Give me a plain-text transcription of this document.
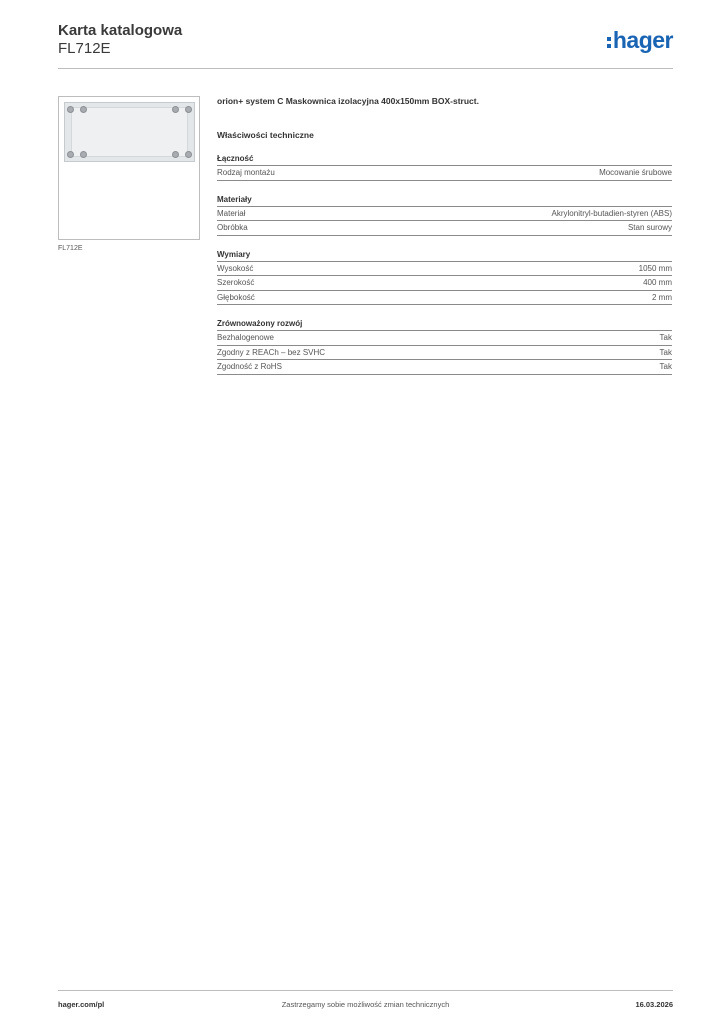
Karta katalogowa
FL712E	hager
FL712E
orion+ system C Maskownica izolacyjna 400x150mm BOX-struct.
Właściwości techniczne
Łączność
Rodzaj montażu	Mocowanie śrubowe
Materiały
Materiał	Akrylonitryl-butadien-styren (ABS)
Obróbka	Stan surowy
Wymiary
Wysokość	1050 mm
Szerokość	400 mm
Głębokość	2 mm
Zrównoważony rozwój
Bezhalogenowe	Tak
Zgodny z REACh – bez SVHC	Tak
Zgodność z RoHS	Tak
hager.com/pl	Zastrzegamy sobie możliwość zmian technicznych	16.03.2026
